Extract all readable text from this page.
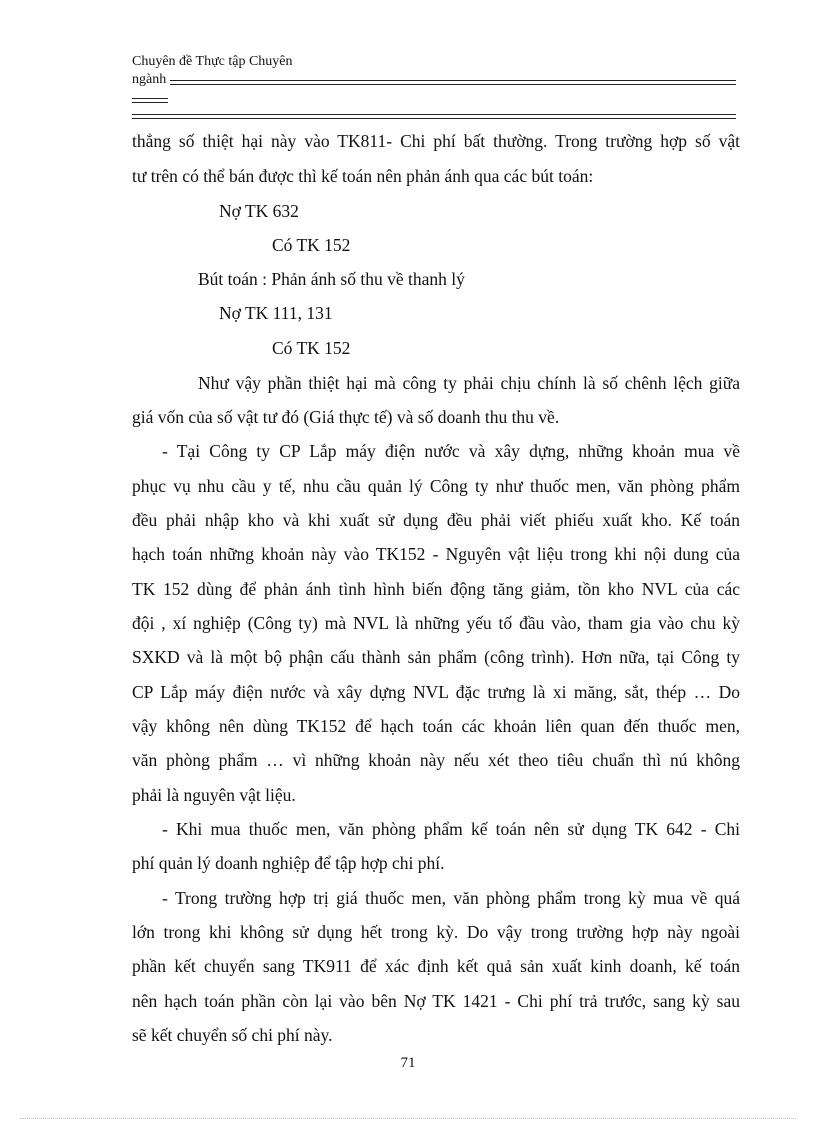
Chuyên đề Thực tập Chuyên
ngành
thẳng số thiệt hại này vào TK811- Chi phí bất thường. Trong trường hợp số vật
tư trên có thể bán được thì kế toán nên phản ánh qua các bút toán:
Nợ TK 632
Có TK 152
Bút toán : Phản ánh số thu về thanh lý
Nợ TK 111, 131
Có TK 152
Như vậy phần thiệt hại mà công ty phải chịu chính là số chênh lệch giữa
giá vốn của số vật tư đó (Giá thực tế) và số doanh thu thu về.
- Tại Công ty CP Lắp máy điện nước và xây dựng, những khoản mua về
phục vụ nhu cầu y tế, nhu cầu quản lý Công ty như thuốc men, văn phòng phẩm
đều phải nhập kho và khi xuất sử dụng đều phải viết phiếu xuất kho. Kế toán
hạch toán những khoản này vào TK152 - Nguyên vật liệu trong khi nội dung của
TK 152 dùng để phản ánh tình hình biến động tăng giảm, tồn kho NVL của các
đội , xí nghiệp (Công ty) mà NVL là những yếu tố đầu vào, tham gia vào chu kỳ
SXKD và là một bộ phận cấu thành sản phẩm (công trình). Hơn nữa, tại Công ty
CP Lắp máy điện nước và xây dựng NVL đặc trưng là xi măng, sắt, thép … Do
vậy không nên dùng TK152 để hạch toán các khoản liên quan đến thuốc men,
văn phòng phẩm … vì những khoản này nếu xét theo tiêu chuẩn thì nú không
phải là nguyên vật liệu.
- Khi mua thuốc men, văn phòng phẩm kế toán nên sử dụng TK 642 - Chi
phí quản lý doanh nghiệp để tập hợp chi phí.
- Trong trường hợp trị giá thuốc men, văn phòng phẩm trong kỳ mua về quá
lớn trong khi không sử dụng hết trong kỳ. Do vậy trong trường hợp này ngoài
phần kết chuyển sang TK911 để xác định kết quả sản xuất kinh doanh, kế toán
nên hạch toán phần còn lại vào bên Nợ TK 1421 - Chi phí trả trước, sang kỳ sau
sẽ kết chuyển số chi phí này.
71
